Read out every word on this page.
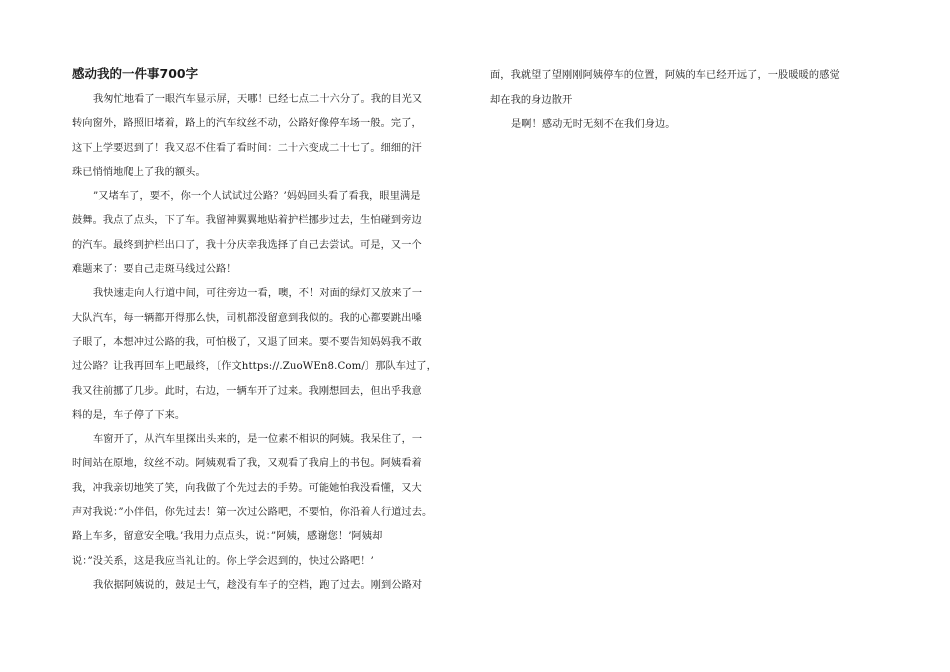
感动我的一件事700字
我匆忙地看了一眼汽车显示屏，天哪！已经七点二十六分了。我的目光又
转向窗外，路照旧堵着，路上的汽车纹丝不动，公路好像停车场一般。完了，
这下上学要迟到了！我又忍不住看了看时间：二十六变成二十七了。细细的汗
珠已悄悄地爬上了我的额头。
”又堵车了，要不，你一个人试试过公路？’妈妈回头看了看我，眼里满是
鼓舞。我点了点头，下了车。我留神翼翼地贴着护栏挪步过去，生怕碰到旁边
的汽车。最终到护栏出口了，我十分庆幸我选择了自己去尝试。可是，又一个
难题来了：要自己走斑马线过公路！
我快速走向人行道中间，可往旁边一看，噢，不！对面的绿灯又放来了一
大队汽车，每一辆都开得那么快，司机都没留意到我似的。我的心都要跳出嗓
子眼了，本想冲过公路的我，可怕极了，又退了回来。要不要告知妈妈我不敢
过公路？让我再回车上吧最终，〔作文https://.ZuoWEn8.Com/〕那队车过了，
我又往前挪了几步。此时，右边，一辆车开了过来。我刚想回去，但出乎我意
料的是，车子停了下来。
车窗开了，从汽车里探出头来的，是一位素不相识的阿姨。我呆住了，一
时间站在原地，纹丝不动。阿姨观看了我，又观看了我肩上的书包。阿姨看着
我，冲我亲切地笑了笑，向我做了个先过去的手势。可能她怕我没看懂，又大
声对我说：”小伴侣，你先过去！第一次过公路吧，不要怕，你沿着人行道过去。
路上车多，留意安全哦。’我用力点点头，说：”阿姨，感谢您！’阿姨却
说：”没关系，这是我应当礼让的。你上学会迟到的，快过公路吧！’
我依据阿姨说的，鼓足士气，趁没有车子的空档，跑了过去。刚到公路对
面，我就望了望刚刚阿姨停车的位置，阿姨的车已经开远了，一股暖暖的感觉
却在我的身边散开
是啊！感动无时无刻不在我们身边。
